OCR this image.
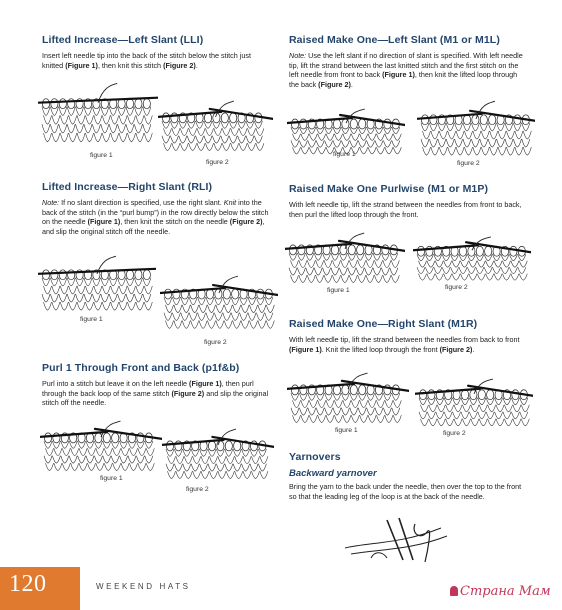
Lifted Increase—Left Slant (LLI)

Insert left needle tip into the back of the stitch below the stitch just knitted (Figure 1), then knit this stitch (Figure 2).

figure 1
figure 2
Lifted Increase—Right Slant (RLI)

Note: If no slant direction is specified, use the right slant. Knit into the back of the stitch (in the “purl bump”) in the row directly below the stitch on the needle (Figure 1), then knit the stitch on the needle (Figure 2), and slip the original stitch off the needle.

figure 1
figure 2
Purl 1 Through Front and Back (p1f&b)

Purl into a stitch but leave it on the left needle (Figure 1), then purl through the back loop of the same stitch (Figure 2) and slip the original stitch off the needle.

figure 1
figure 2
Raised Make One—Left Slant (M1 or M1L)

Note: Use the left slant if no direction of slant is specified. With left needle tip, lift the strand between the last knitted stitch and the first stitch on the left needle from front to back (Figure 1), then knit the lifted loop through the back (Figure 2).

figure 1
figure 2
Raised Make One Purlwise (M1 or M1P)

With left needle tip, lift the strand between the needles from front to back, then purl the lifted loop through the front.

figure 1	figure 2
Raised Make One—Right Slant (M1R)

With left needle tip, lift the strand between the needles from back to front (Figure 1). Knit the lifted loop through the front (Figure 2).

figure 1	figure 2
Yarnovers
Backward yarnover

Bring the yarn to the back under the needle, then over the top to the front so that the leading leg of the loop is at the back of the needle.

120	WEEKEND HATS	Страна Мам
